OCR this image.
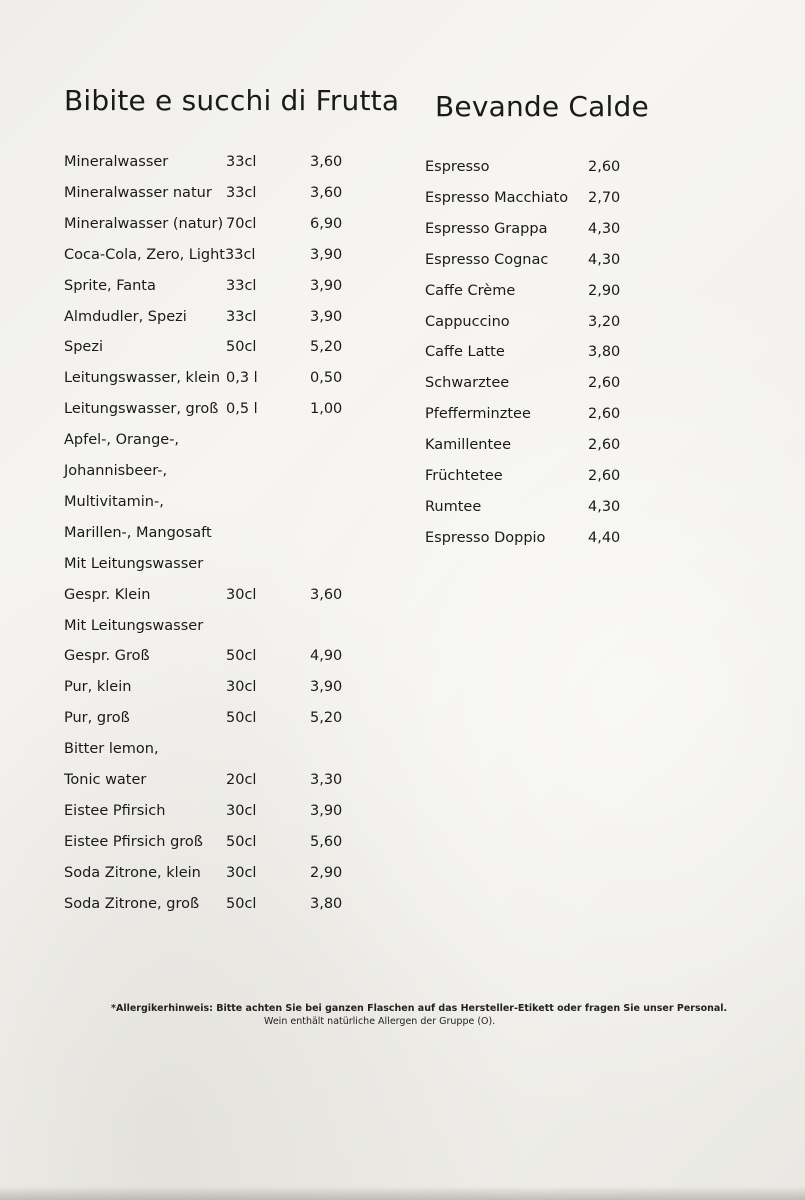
Bibite e succhi di Frutta Bevande Calde
Mineralwasser	33cl	3,60
Mineralwasser natur 33cl	3,60
Mineralwasser (natur) 70cl	6,90
Coca-Cola, Zero, Light33cl	3,90
Sprite, Fanta	33cl	3,90
Almdudler, Spezi	33cl	3,90
Spezi	50cl	5,20
Leitungswasser, klein 0,3 l	0,50
Leitungswasser, groß 0,5 l	1,00
Apfel-, Orange-,
Johannisbeer-,
Multivitamin-,
Marillen-, Mangosaft
Mit Leitungswasser
Gespr. Klein	30cl	3,60
Mit Leitungswasser
Gespr. Groß	50cl	4,90
Pur, klein	30cl	3,90
Pur, groß	50cl	5,20
Bitter lemon,
Tonic water	20cl	3,30
Eistee Pfirsich	30cl	3,90
Eistee Pfirsich groß 50cl	5,60
Soda Zitrone, klein 30cl	2,90
Soda Zitrone, groß 50cl	3,80
Espresso	2,60
Espresso Macchiato 2,70
Espresso Grappa	4,30
Espresso Cognac	4,30
Caffe Crème	2,90
Cappuccino	3,20
Caffe Latte	3,80
Schwarztee	2,60
Pfefferminztee	2,60
Kamillentee	2,60
Früchtetee	2,60
Rumtee	4,30
Espresso Doppio	4,40
*Allergikerhinweis: Bitte achten Sie bei ganzen Flaschen auf das Hersteller-Etikett oder fragen Sie unser Personal.
Wein enthält natürliche Allergen der Gruppe (O).
